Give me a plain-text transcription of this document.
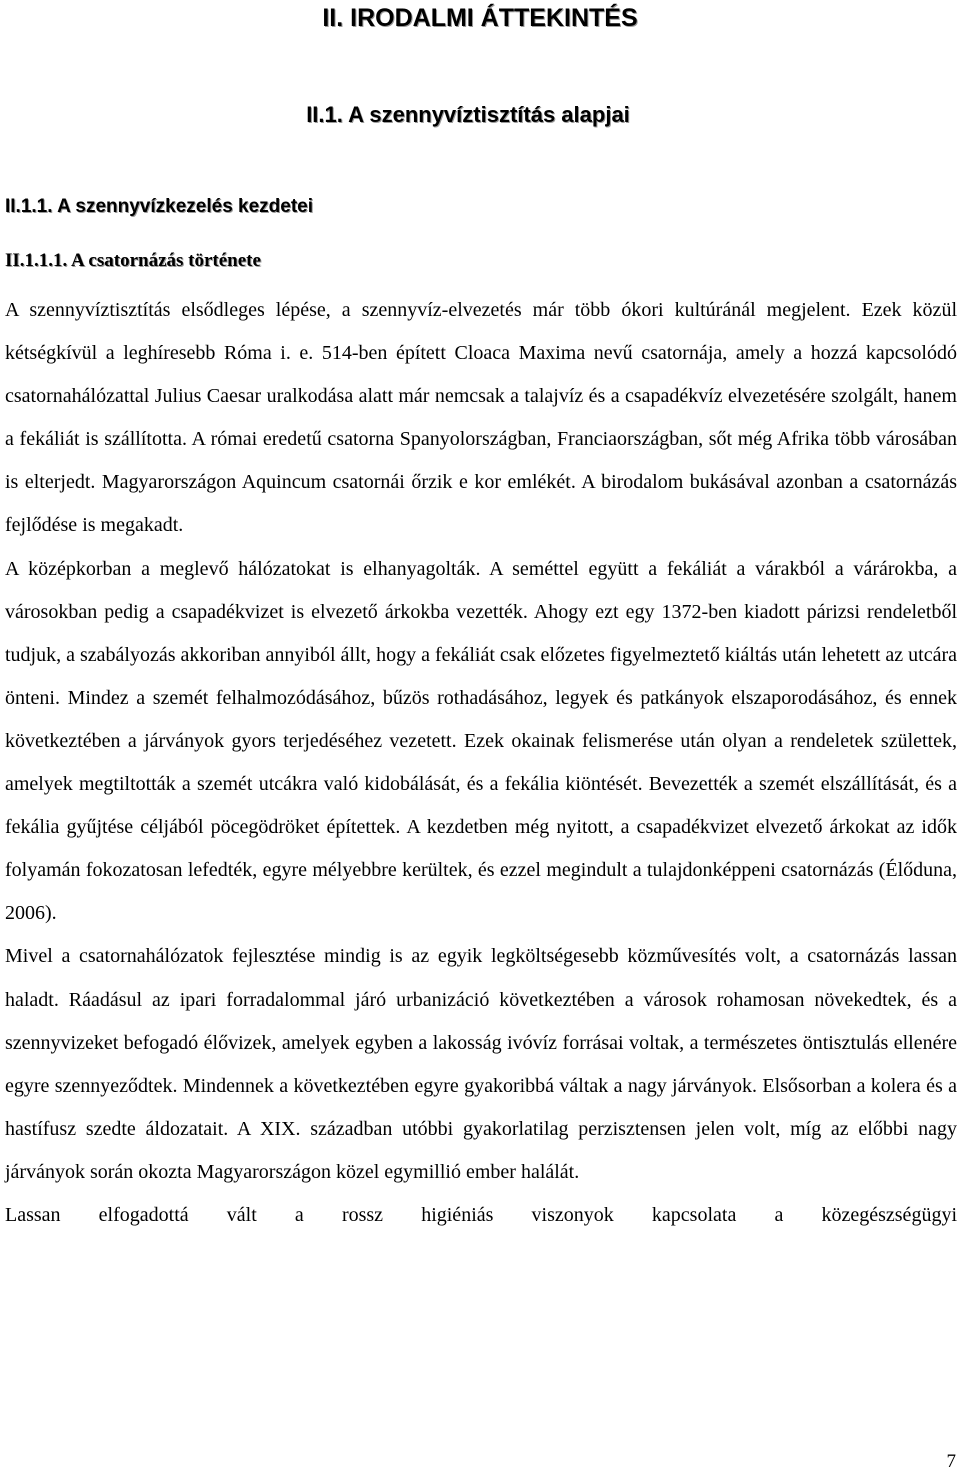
II. IRODALMI ÁTTEKINTÉS
II.1. A szennyvíztisztítás alapjai
II.1.1. A szennyvízkezelés kezdetei
II.1.1.1. A csatornázás története

A szennyvíztisztítás elsődleges lépése, a szennyvíz-elvezetés már több ókori kultúránál megjelent. Ezek közül kétségkívül a leghíresebb Róma i. e. 514-ben épített Cloaca Maxima nevű csatornája, amely a hozzá kapcsolódó csatornahálózattal Julius Caesar uralkodása alatt már nemcsak a talajvíz és a csapadékvíz elvezetésére szolgált, hanem a fekáliát is szállította. A római eredetű csatorna Spanyolországban, Franciaországban, sőt még Afrika több városában is elterjedt. Magyarországon Aquincum csatornái őrzik e kor emlékét. A birodalom bukásával azonban a csatornázás fejlődése is megakadt.

A középkorban a meglevő hálózatokat is elhanyagolták. A seméttel együtt a fekáliát a várakból a várárokba, a városokban pedig a csapadékvizet is elvezető árkokba vezették. Ahogy ezt egy 1372-ben kiadott párizsi rendeletből tudjuk, a szabályozás akkoriban annyiból állt, hogy a fekáliát csak előzetes figyelmeztető kiáltás után lehetett az utcára önteni. Mindez a szemét felhalmozódásához, bűzös rothadásához, legyek és patkányok elszaporodásához, és ennek következtében a járványok gyors terjedéséhez vezetett. Ezek okainak felismerése után olyan a rendeletek születtek, amelyek megtiltották a szemét utcákra való kidobálását, és a fekália kiöntését. Bevezették a szemét elszállítását, és a fekália gyűjtése céljából pöcegödröket építettek. A kezdetben még nyitott, a csapadékvizet elvezető árkokat az idők folyamán fokozatosan lefedték, egyre mélyebbre kerültek, és ezzel megindult a tulajdonképpeni csatornázás (Élőduna, 2006).

Mivel a csatornahálózatok fejlesztése mindig is az egyik legköltségesebb közművesítés volt, a csatornázás lassan haladt. Ráadásul az ipari forradalommal járó urbanizáció következtében a városok rohamosan növekedtek, és a szennyvizeket befogadó élővizek, amelyek egyben a lakosság ivóvíz forrásai voltak, a természetes öntisztulás ellenére egyre szennyeződtek. Mindennek a következtében egyre gyakoribbá váltak a nagy járványok. Elsősorban a kolera és a hastífusz szedte áldozatait. A XIX. században utóbbi gyakorlatilag perzisztensen jelen volt, míg az előbbi nagy járványok során okozta Magyarországon közel egymillió ember halálát.

Lassan elfogadottá vált a rossz higiéniás viszonyok kapcsolata a közegészségügyi

7
